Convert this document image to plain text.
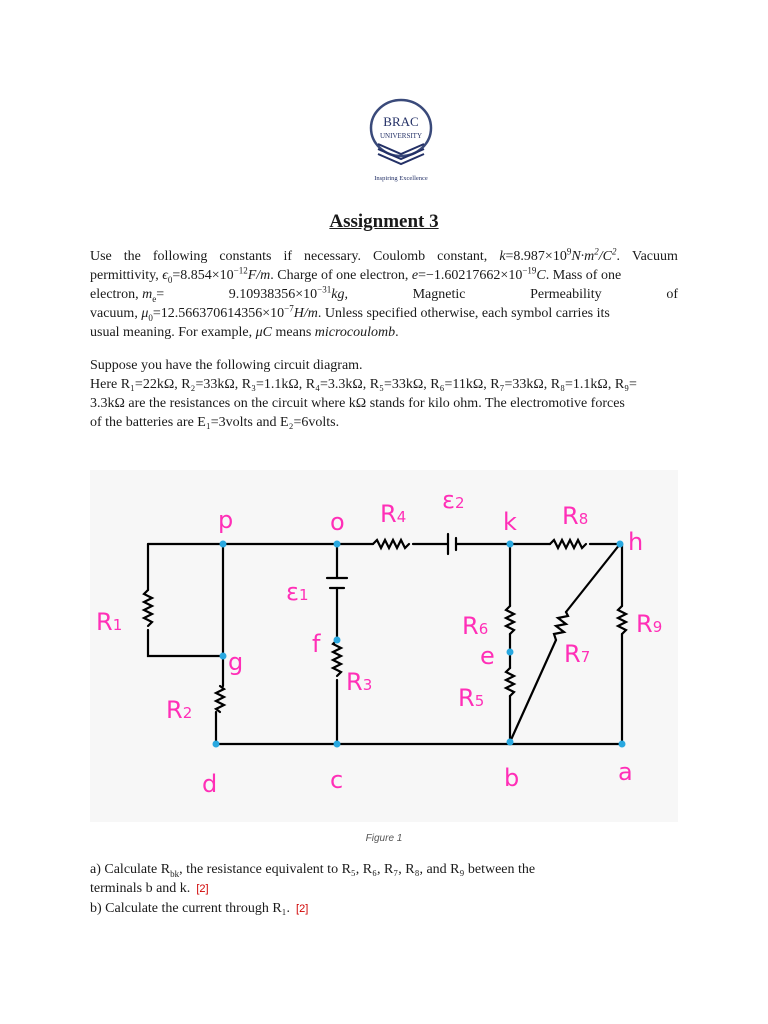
BRAC
UNIVERSITY
Inspiring Excellence
Assignment 3
Use the following constants if necessary. Coulomb constant, $k=8.987\times 10^9N\cdot m^2/C^2$. Vacuum
permittivity, $\epsilon_0=8.854\times 10^{-12}F/m$. Charge of one electron, $e=-1.60217662\times 10^{-19}C$. Mass of one
electron, $m_e=$	$9.10938356\times 10^{-31}kg$,	Magnetic	Permeability	of
vacuum, $\mu_0=12.566370614356\times 10^{-7}H/m$. Unless specified otherwise, each symbol carries its
usual meaning. For example, μC means microcoulomb.
Suppose you have the following circuit diagram.
Here R₁=22kΩ, R₂=33kΩ, R₃=1.1kΩ, R₄=3.3kΩ, R₅=33kΩ, R₆=11kΩ, R₇=33kΩ, R₈=1.1kΩ, R₉=
3.3kΩ are the resistances on the circuit where kΩ stands for kilo ohm. The electromotive forces
of the batteries are E₁=3volts and E₂=6volts.
p	o	k
h
g
f	e
d	c	b	a
R1
R2
R3
R4
R5
R6
R7
R8
R9
ε1
ε2
Figure 1
a) Calculate $R_{bk}$, the resistance equivalent to R₅, R₆, R₇, R₈, and R₉ between the
terminals b and k. [2]
b) Calculate the current through R₁. [2]
